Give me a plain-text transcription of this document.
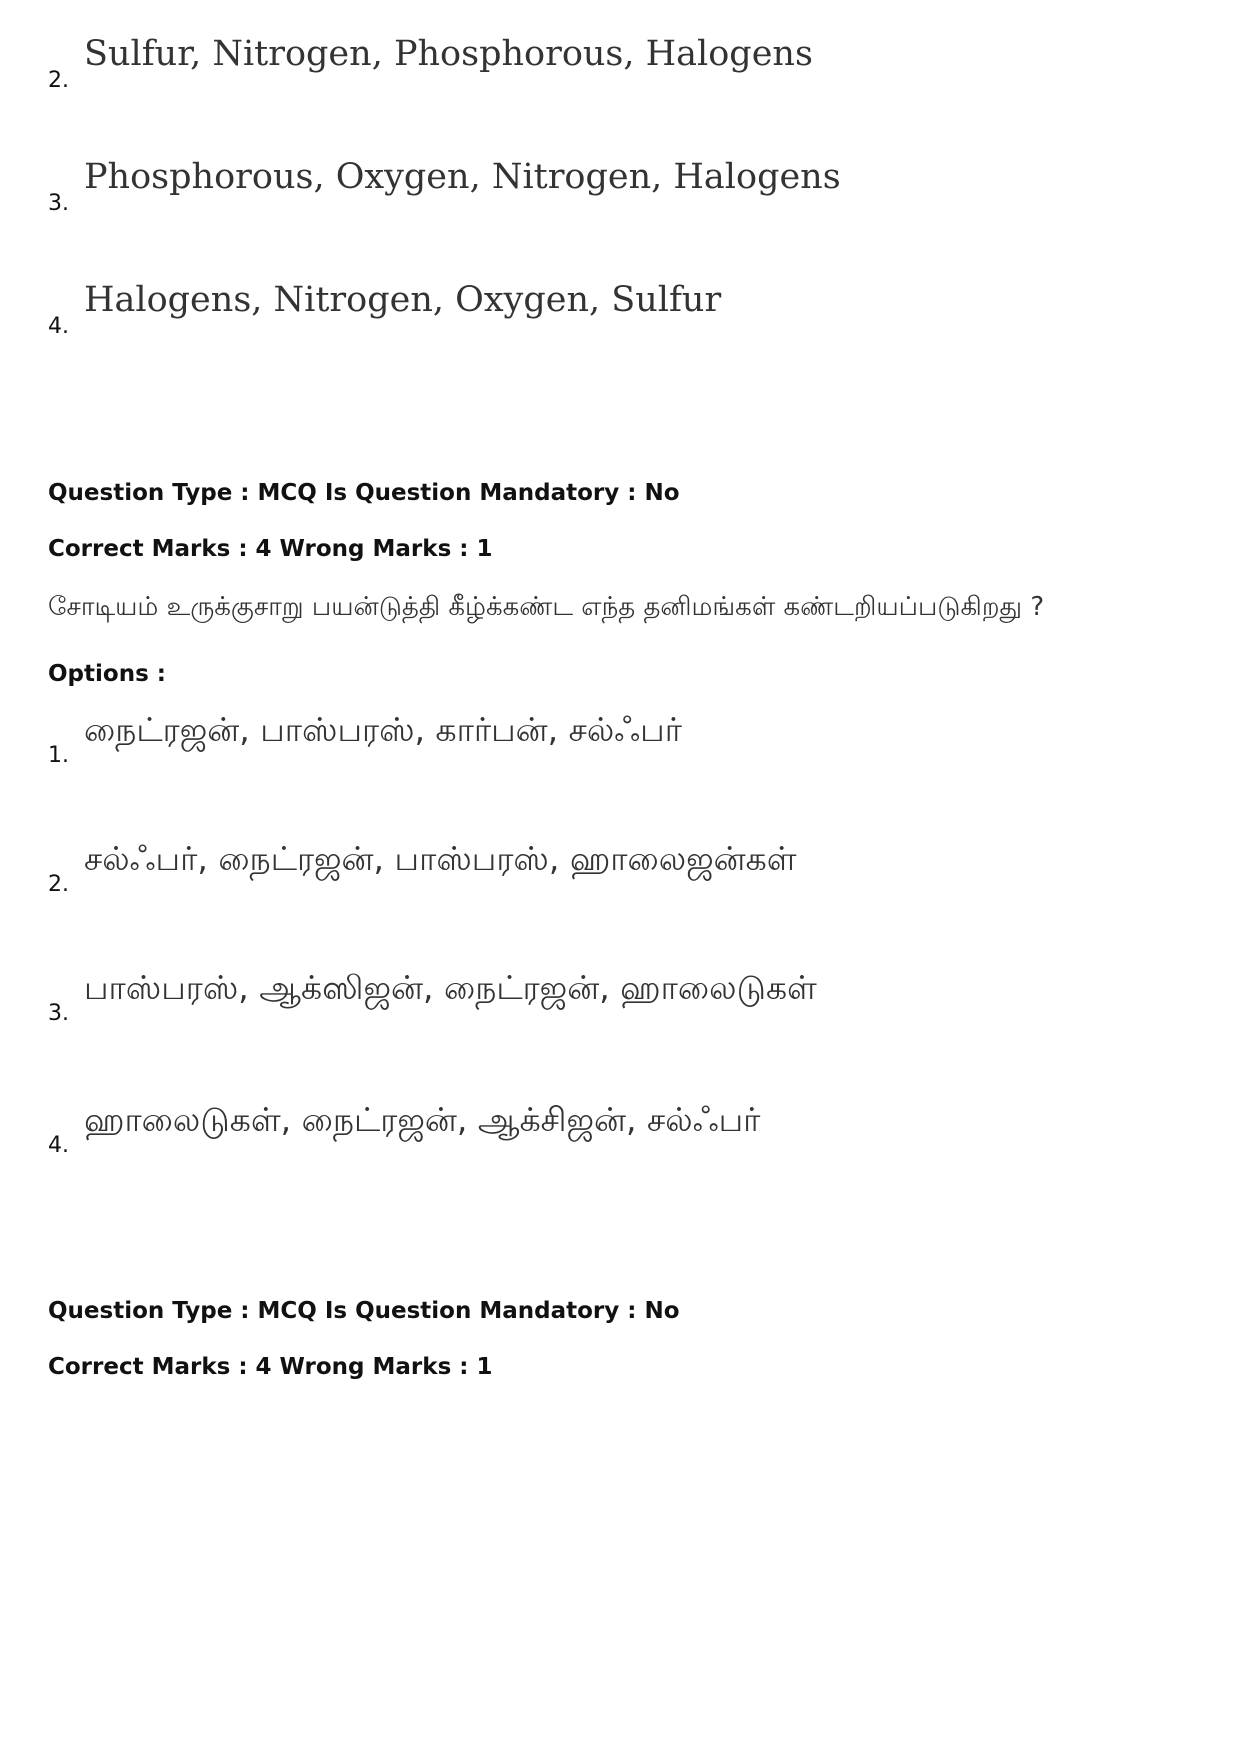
2.
Sulfur, Nitrogen, Phosphorous, Halogens
3.
Phosphorous, Oxygen, Nitrogen, Halogens
4.
Halogens, Nitrogen, Oxygen, Sulfur
Question Type : MCQ Is Question Mandatory : No
Correct Marks : 4 Wrong Marks : 1
சோடியம் உருக்குசாறு பயன்டுத்தி கீழ்க்கண்ட எந்த தனிமங்கள் கண்டறியப்படுகிறது ?
Options :
1.
நைட்ரஜன், பாஸ்பரஸ், கார்பன், சல்ஃபர்
2.
சல்ஃபர், நைட்ரஜன், பாஸ்பரஸ், ஹாலைஜன்கள்
3.
பாஸ்பரஸ், ஆக்ஸிஜன், நைட்ரஜன், ஹாலைடுகள்
4.
ஹாலைடுகள், நைட்ரஜன், ஆக்சிஜன், சல்ஃபர்
Question Type : MCQ Is Question Mandatory : No
Correct Marks : 4 Wrong Marks : 1
